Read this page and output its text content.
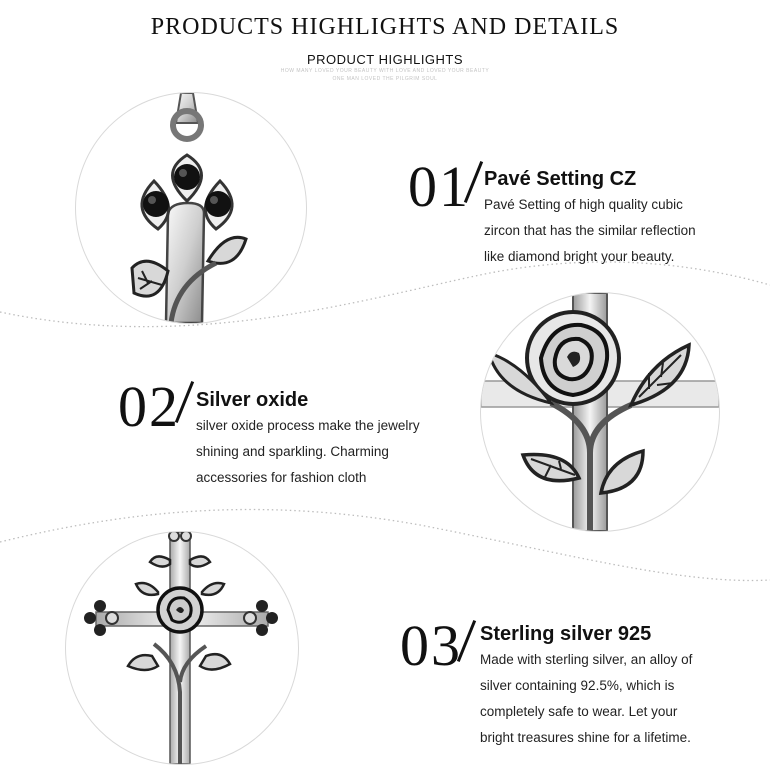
PRODUCTS HIGHLIGHTS AND DETAILS
PRODUCT HIGHLIGHTS
HOW MANY LOVED YOUR BEAUTY WITH LOVE AND LOVED YOUR BEAUTY
ONE MAN LOVED THE PILGRIM SOUL
01 Pavé Setting CZ
Pavé Setting of high quality cubic
zircon that has the similar reflection
like diamond bright your beauty.
02 Silver oxide
silver oxide process make the jewelry
shining and sparkling. Charming
accessories for fashion cloth
03 Sterling silver 925
Made with sterling silver, an alloy of
silver containing 92.5%, which is
completely safe to wear. Let your
bright treasures shine for a lifetime.
